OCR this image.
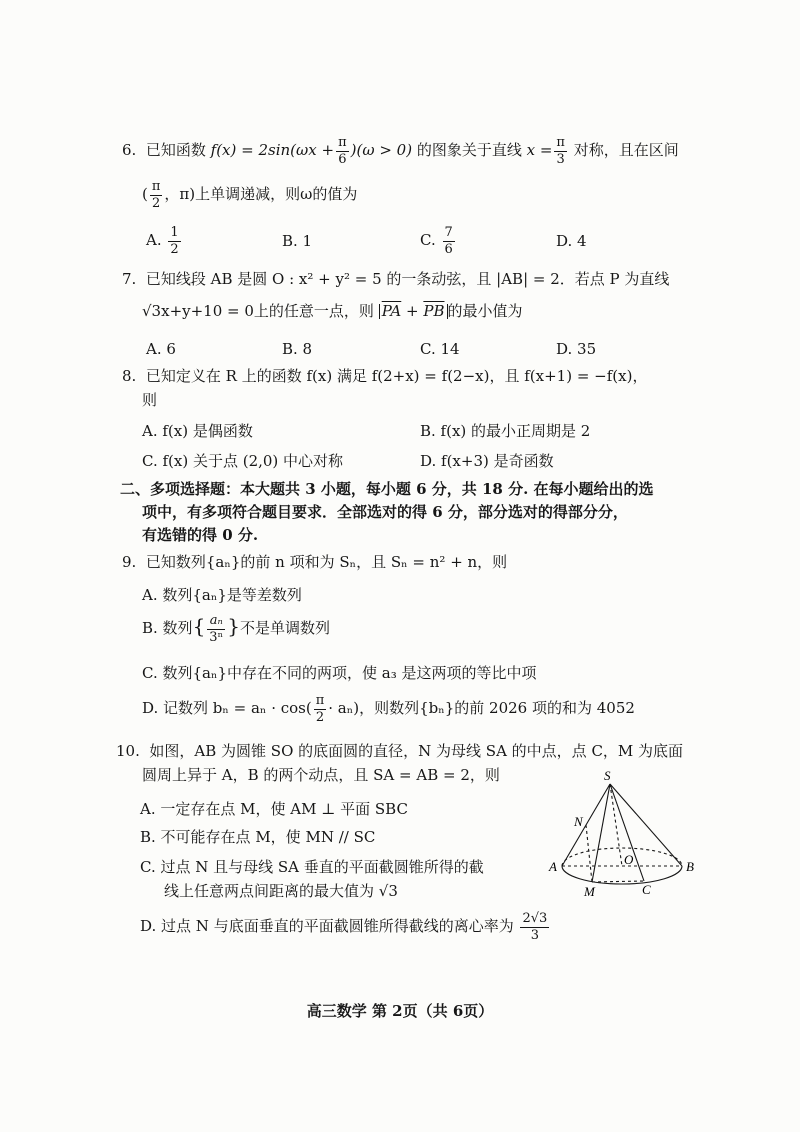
6. 已知函数 $f(x) = 2\sin(\omega x + \frac{\pi}{6} )(\omega > 0)$ 的图象关于直线 $x = \frac{\pi}{3}$ 对称，且在区间
( $\frac{\pi}{2}$ ，π)上单调递减，则ω的值为
A. $\frac{1}{2}$	B. 1	C. $\frac{7}{6}$	D. 4
7. 已知线段 AB 是圆 O : x² + y² = 5 的一条动弦，且 |AB| = 2．若点 P 为直线
√3x+y+10 = 0上的任意一点，则 $\overline{PA} + \overline{PB}$ 的最小值为
A. 6	B. 8	C. 14	D. 35
8. 已知定义在 R 上的函数 f(x) 满足 f(2+x) = f(2−x)，且 f(x+1) = −f(x)，
则
A. f(x) 是偶函数	B. f(x) 的最小正周期是 2
C. f(x) 关于点 (2,0) 中心对称	D. f(x+3) 是奇函数
二、多项选择题：本大题共 3 小题，每小题 6 分，共 18 分. 在每小题给出的选
项中，有多项符合题目要求．全部选对的得 6 分，部分选对的得部分分，
有选错的得 0 分.
9. 已知数列{aₙ}的前 n 项和为 Sₙ，且 Sₙ = n² + n，则
A. 数列{aₙ}是等差数列
B. 数列{ $\frac{\text{aₙ}}{\text{3ⁿ}}$ }不是单调数列
C. 数列{aₙ}中存在不同的两项，使 a₃ 是这两项的等比中项
D. 记数列 $b_n = a_n \cdot \cos( \frac{\pi}{2} \cdot a_n)$，则数列{bₙ}的前 2026 项的和为 4052
10. 如图，AB 为圆锥 SO 的底面圆的直径，N 为母线 SA 的中点，点 C，M 为底面
圆周上异于 A，B 的两个动点，且 SA = AB = 2，则
A. 一定存在点 M，使 AM ⊥ 平面 SBC
B. 不可能存在点 M，使 MN // SC
C. 过点 N 且与母线 SA 垂直的平面截圆锥所得的截
线上任意两点间距离的最大值为 √3
D. 过点 N 与底面垂直的平面截圆锥所得截线的离心率为 $\frac{2√3}{3}$
S
N
O
A	B
M	C
高三数学 第 2页（共 6页）
